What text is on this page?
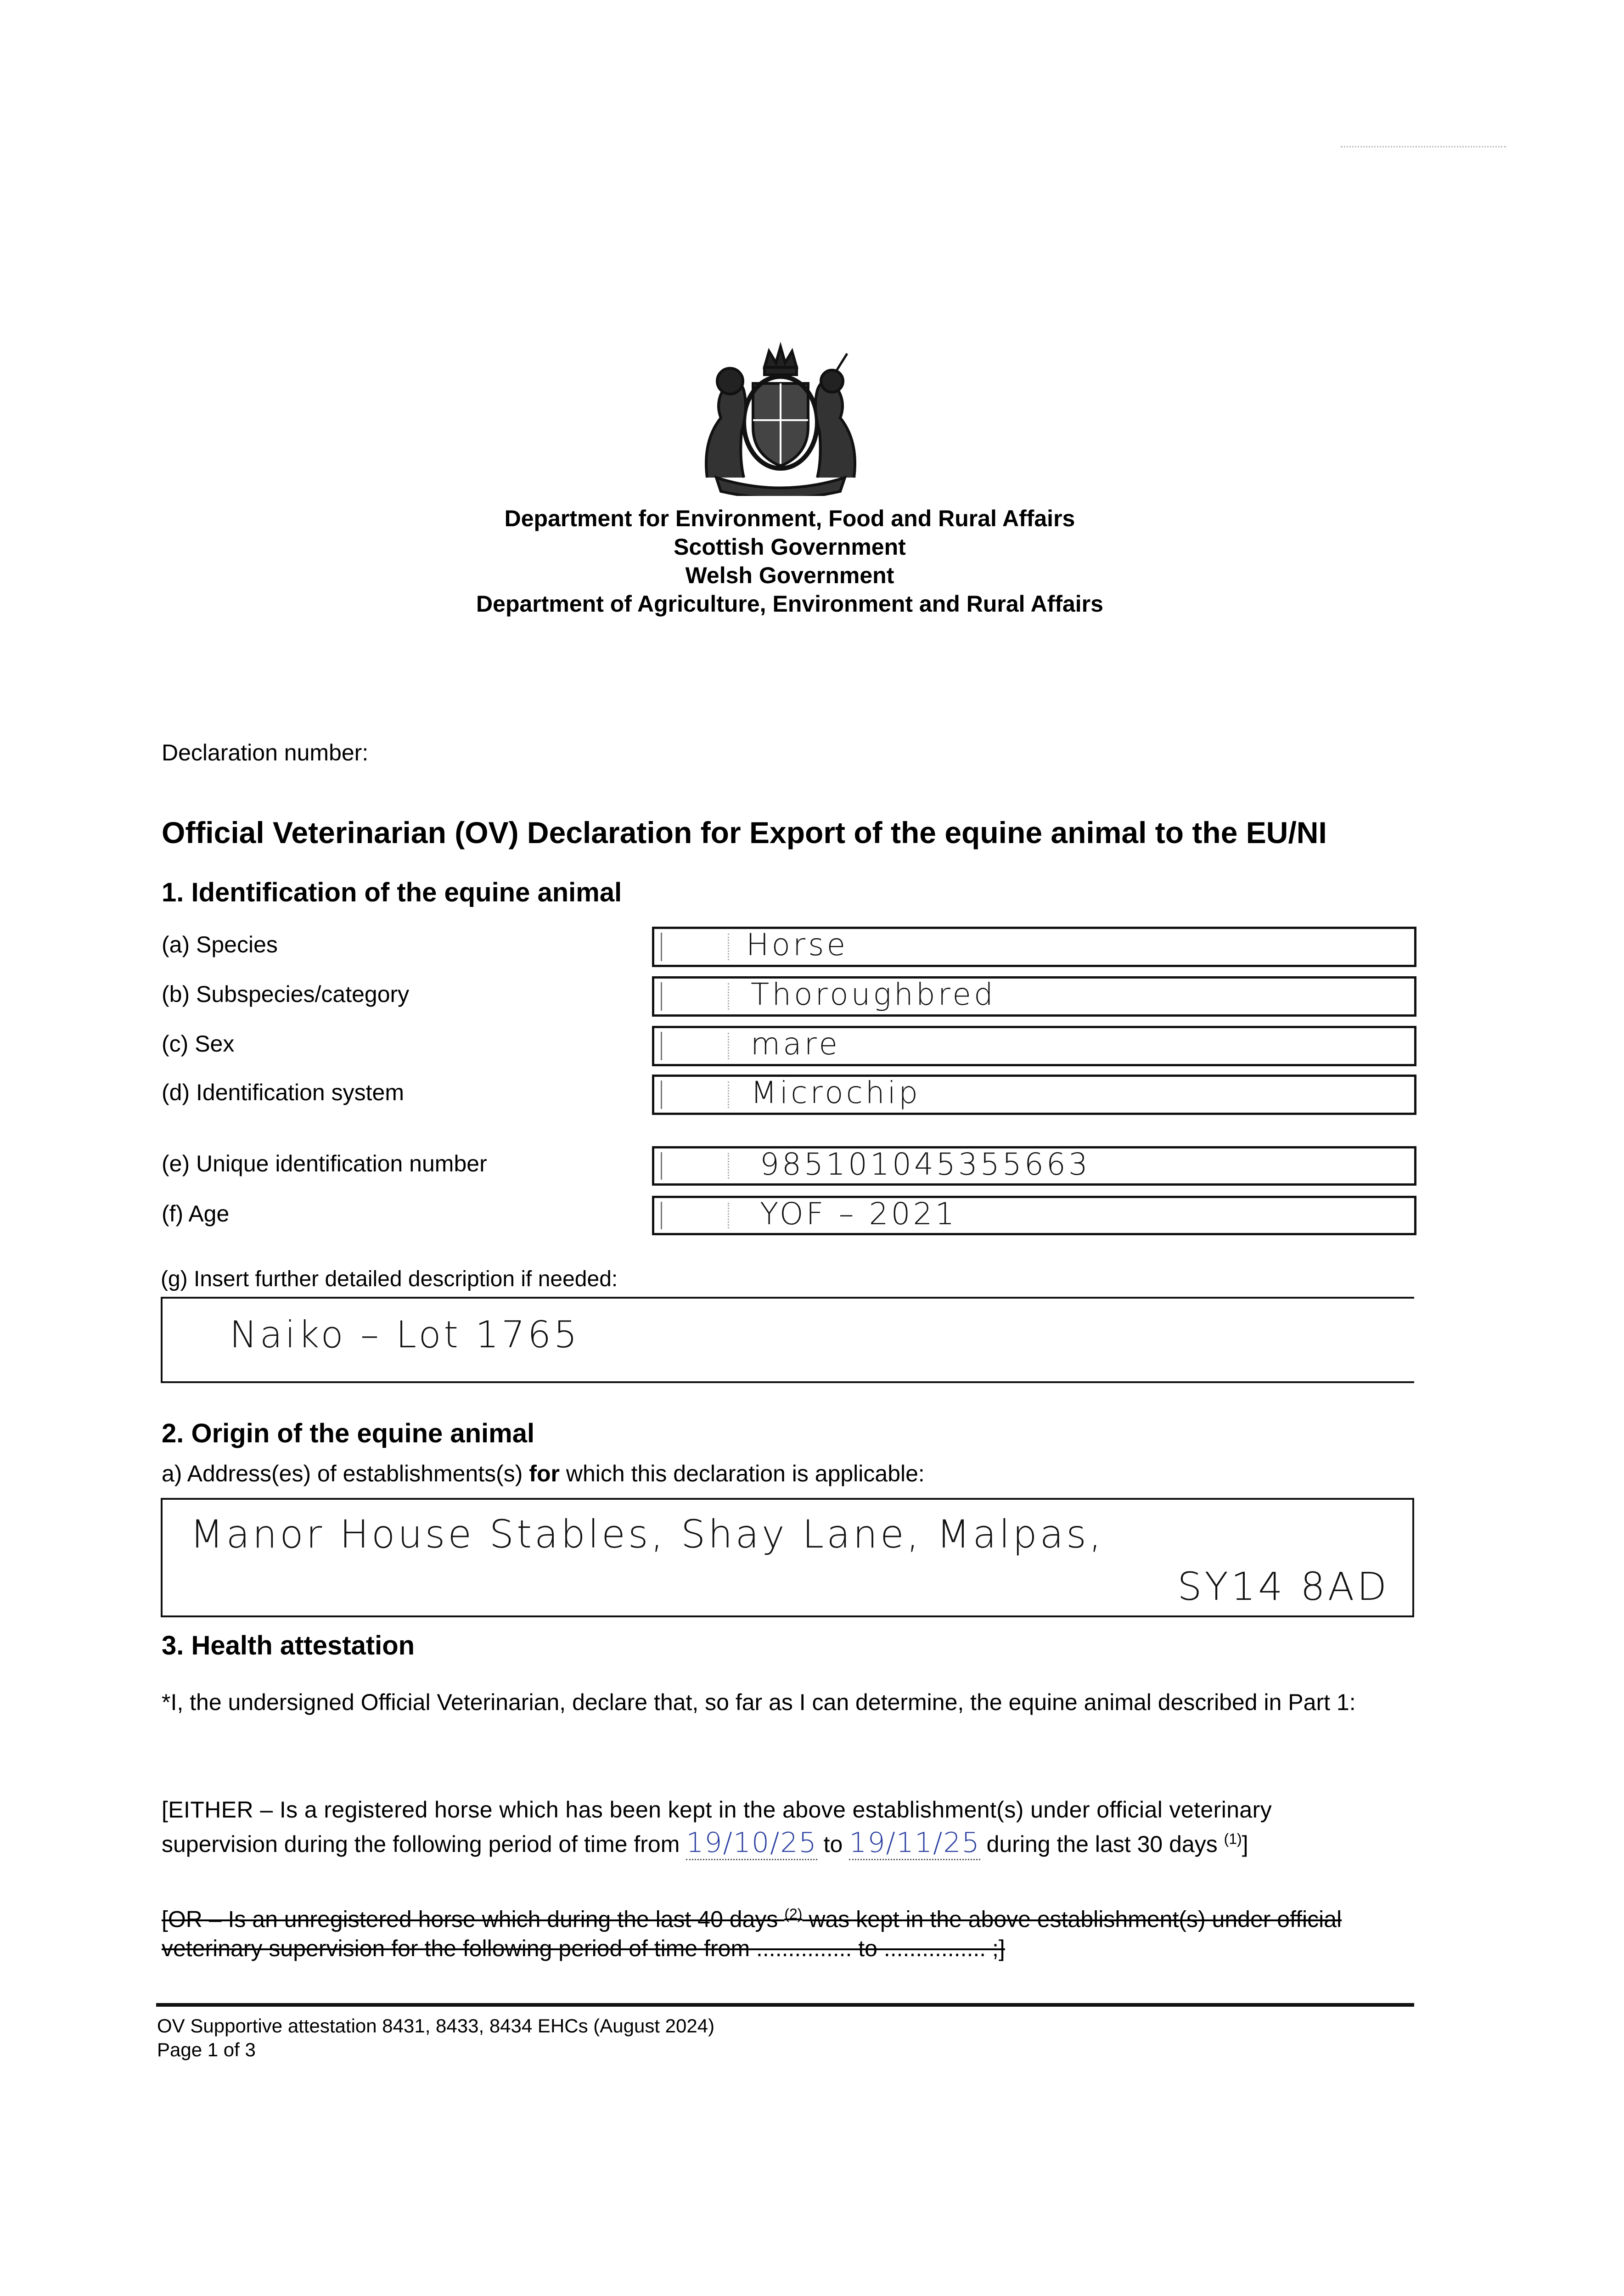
Department for Environment, Food and Rural Affairs
Scottish Government
Welsh Government
Department of Agriculture, Environment and Rural Affairs
Declaration number:
Official Veterinarian (OV) Declaration for Export of the equine animal to the EU/NI
1. Identification of the equine animal
(a) Species	Horse
(b) Subspecies/category	Thoroughbred
(c) Sex	mare
(d) Identification system	Microchip
(e) Unique identification number	985101045355663
(f) Age	YOF – 2021
(g) Insert further detailed description if needed:
Naiko – Lot 1765
2. Origin of the equine animal
a) Address(es) of establishments(s) for which this declaration is applicable:
Manor House Stables, Shay Lane, Malpas,
SY14 8AD
3. Health attestation
*I, the undersigned Official Veterinarian, declare that, so far as I can determine, the equine animal described in Part 1:
[EITHER – Is a registered horse which has been kept in the above establishment(s) under official veterinary
supervision during the following period of time from 19/10/25 to 19/11/25 during the last 30 days $^{(1)}$]
[OR – Is an unregistered horse which during the last 40 days $^{(2)}$ was kept in the above establishment(s) under official
veterinary supervision for the following period of time from ............... to ................ ;]
OV Supportive attestation 8431, 8433, 8434 EHCs (August 2024)
Page 1 of 3
